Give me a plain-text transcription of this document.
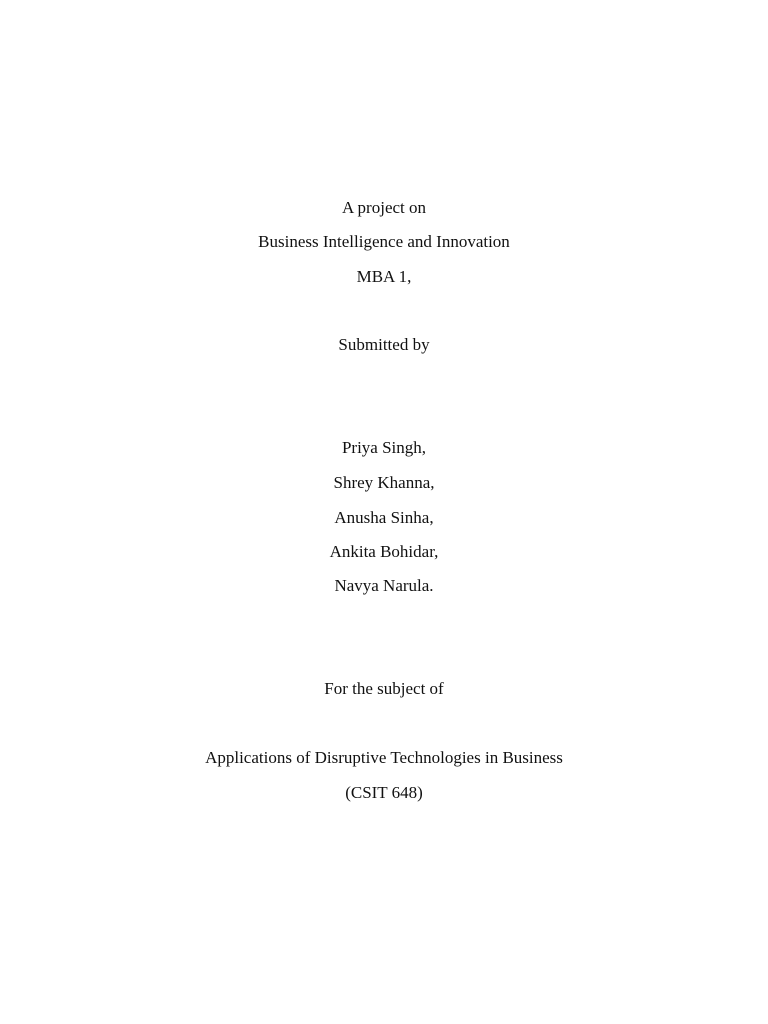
A project on
Business Intelligence and Innovation
MBA 1,
Submitted by
Priya Singh,
Shrey Khanna,
Anusha Sinha,
Ankita Bohidar,
Navya Narula.
For the subject of
Applications of Disruptive Technologies in Business
(CSIT 648)
